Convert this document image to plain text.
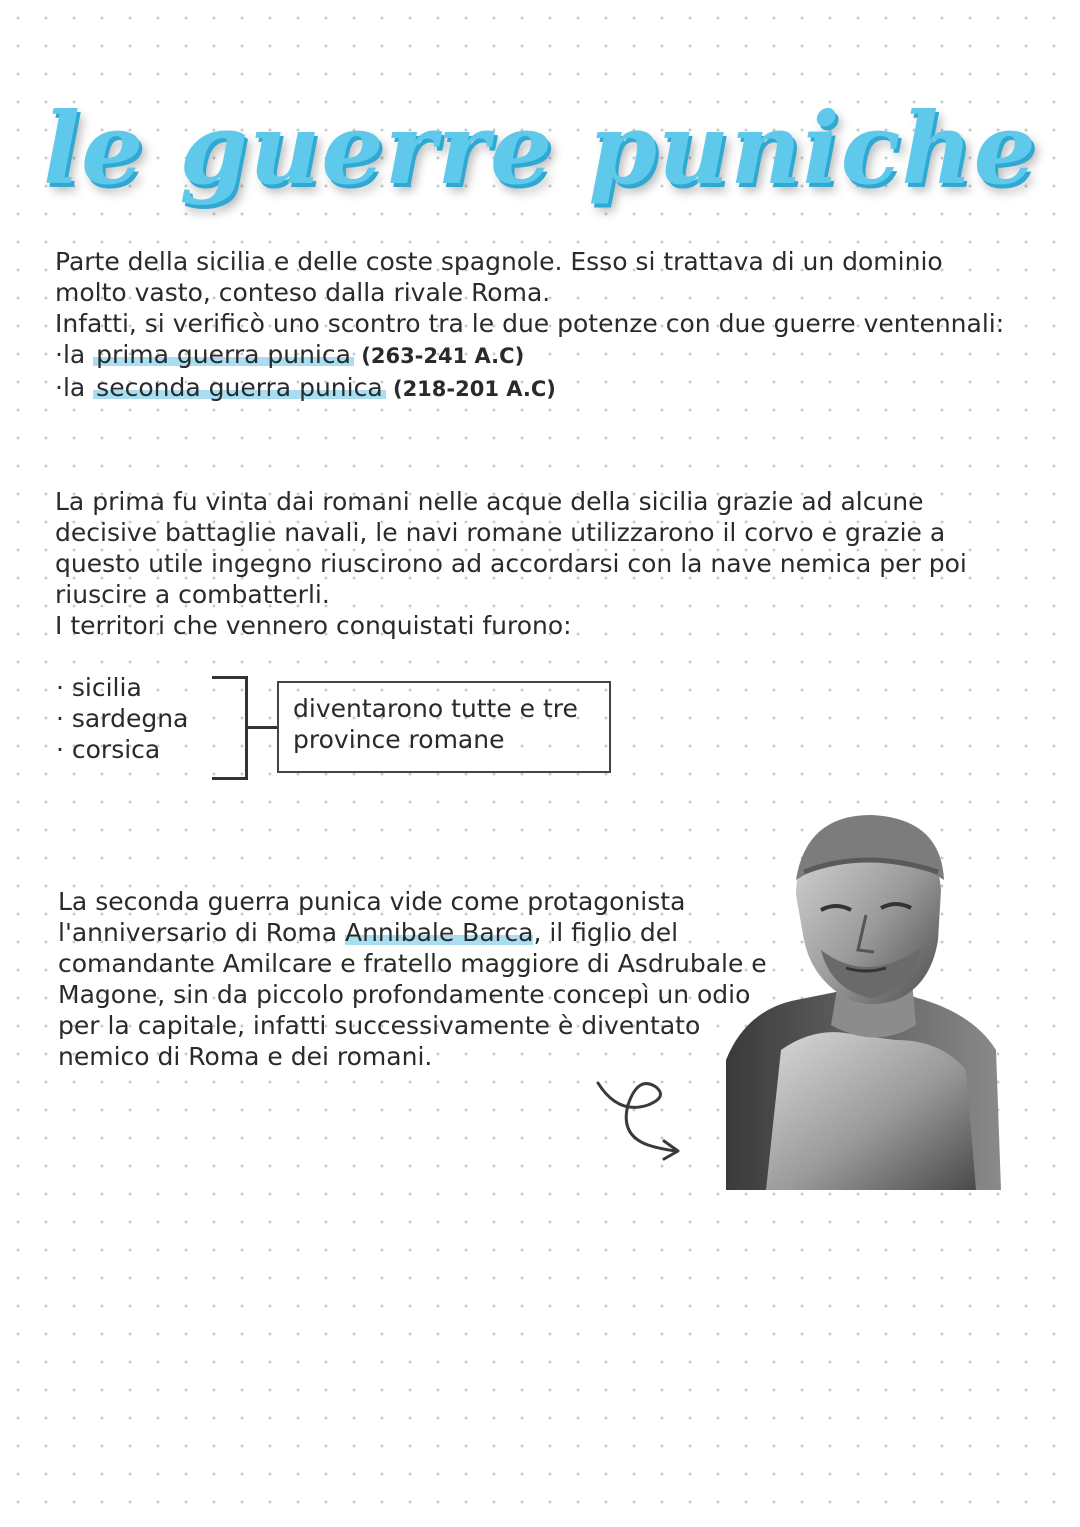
le guerre puniche
Parte della sicilia e delle coste spagnole. Esso si trattava di un dominio molto vasto, conteso dalla rivale Roma.
Infatti, si verificò uno scontro tra le due potenze con due guerre ventennali:

·la prima guerra punica (263-241 A.C)
·la seconda guerra punica (218-201 A.C)
La prima fu vinta dai romani nelle acque della sicilia grazie ad alcune decisive battaglie navali, le navi romane utilizzarono il corvo e grazie a questo utile ingegno riuscirono ad accordarsi con la nave nemica per poi riuscire a combatterli.
I territori che vennero conquistati furono:
· sicilia
· sardegna
· corsica
diventarono tutte e tre province romane
La seconda guerra punica vide come protagonista l'anniversario di Roma Annibale Barca, il figlio del comandante Amilcare e fratello maggiore di Asdrubale e Magone, sin da piccolo profondamente concepì un odio per la capitale, infatti successivamente è diventato nemico di Roma e dei romani.
